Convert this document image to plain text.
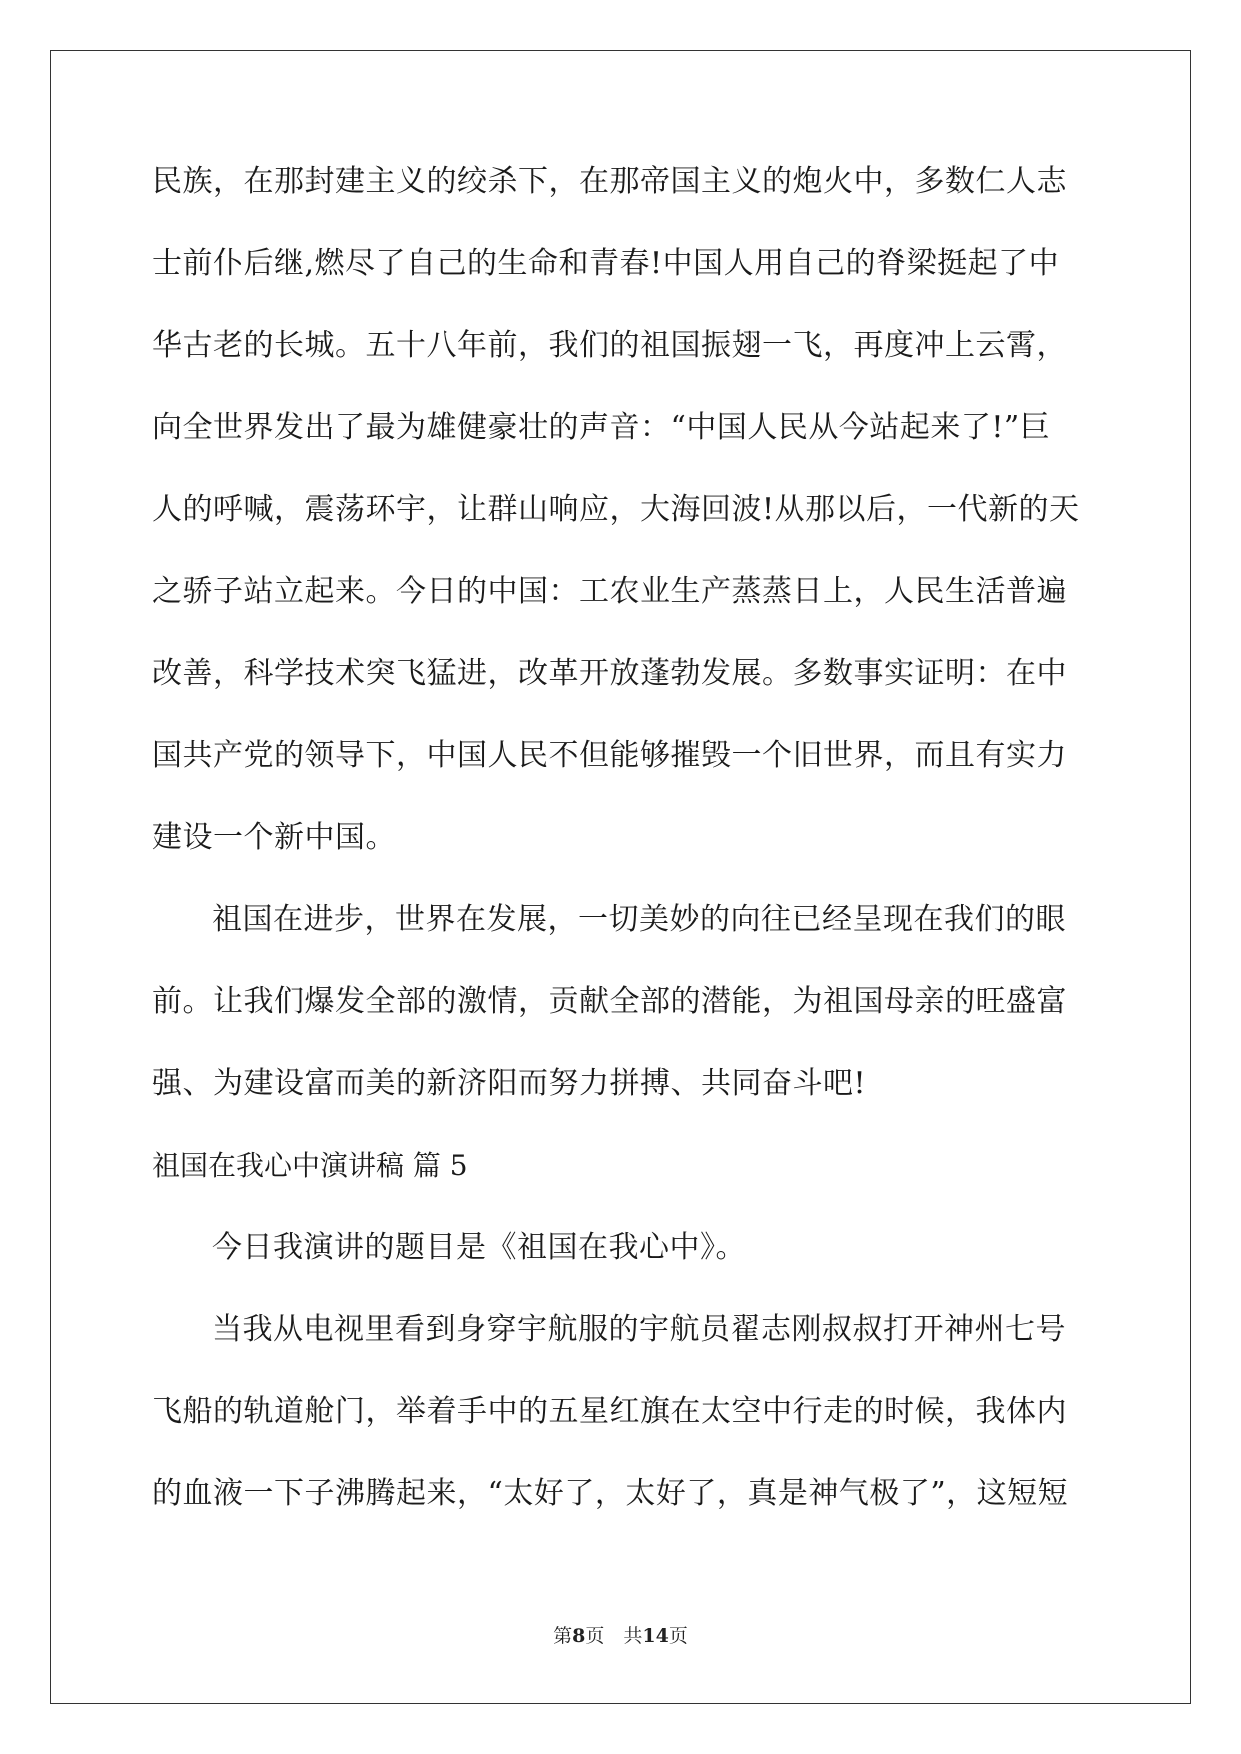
民族，在那封建主义的绞杀下，在那帝国主义的炮火中，多数仁人志
士前仆后继,燃尽了自己的生命和青春!中国人用自己的脊梁挺起了中
华古老的长城。五十八年前，我们的祖国振翅一飞，再度冲上云霄，
向全世界发出了最为雄健豪壮的声音：“中国人民从今站起来了!”巨
人的呼喊，震荡环宇，让群山响应，大海回波!从那以后，一代新的天
之骄子站立起来。今日的中国：工农业生产蒸蒸日上，人民生活普遍
改善，科学技术突飞猛进，改革开放蓬勃发展。多数事实证明：在中
国共产党的领导下，中国人民不但能够摧毁一个旧世界，而且有实力
建设一个新中国。
祖国在进步，世界在发展，一切美妙的向往已经呈现在我们的眼
前。让我们爆发全部的激情，贡献全部的潜能，为祖国母亲的旺盛富
强、为建设富而美的新济阳而努力拼搏、共同奋斗吧!
祖国在我心中演讲稿 篇 5
今日我演讲的题目是《祖国在我心中》。
当我从电视里看到身穿宇航服的宇航员翟志刚叔叔打开神州七号
飞船的轨道舱门，举着手中的五星红旗在太空中行走的时候，我体内
的血液一下子沸腾起来，“太好了，太好了，真是神气极了”，这短短
第8页　共14页
